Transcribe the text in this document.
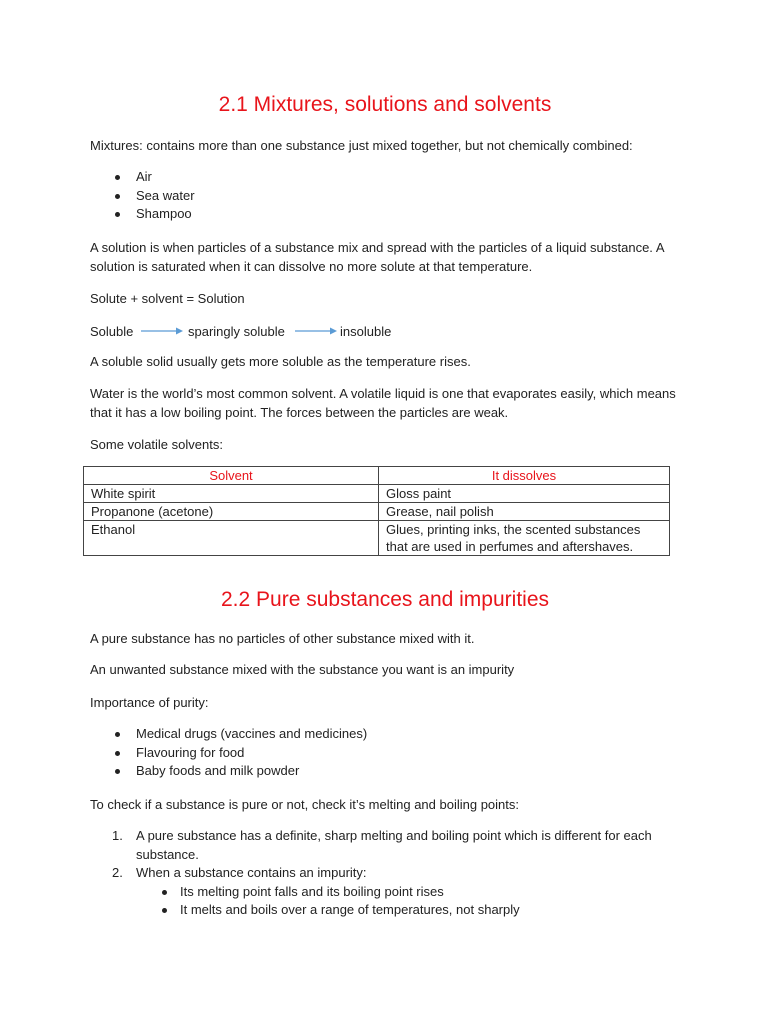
2.1 Mixtures, solutions and solvents

Mixtures: contains more than one substance just mixed together, but not chemically combined:

Air
Sea water
Shampoo

A solution is when particles of a substance mix and spread with the particles of a liquid substance. A solution is saturated when it can dissolve no more solute at that temperature.

Solute + solvent = Solution

Soluble	sparingly soluble	insoluble

A soluble solid usually gets more soluble as the temperature rises.

Water is the world’s most common solvent. A volatile liquid is one that evaporates easily, which means that it has a low boiling point. The forces between the particles are weak.

Some volatile solvents:

Solvent	It dissolves
White spirit	Gloss paint
Propanone (acetone)	Grease, nail polish
Ethanol	Glues, printing inks, the scented substances that are used in perfumes and aftershaves.
2.2 Pure substances and impurities

A pure substance has no particles of other substance mixed with it.

An unwanted substance mixed with the substance you want is an impurity

Importance of purity:

Medical drugs (vaccines and medicines)
Flavouring for food
Baby foods and milk powder

To check if a substance is pure or not, check it’s melting and boiling points:

1. A pure substance has a definite, sharp melting and boiling point which is different for each substance.
2. When a substance contains an impurity:
Its melting point falls and its boiling point rises
It melts and boils over a range of temperatures, not sharply
